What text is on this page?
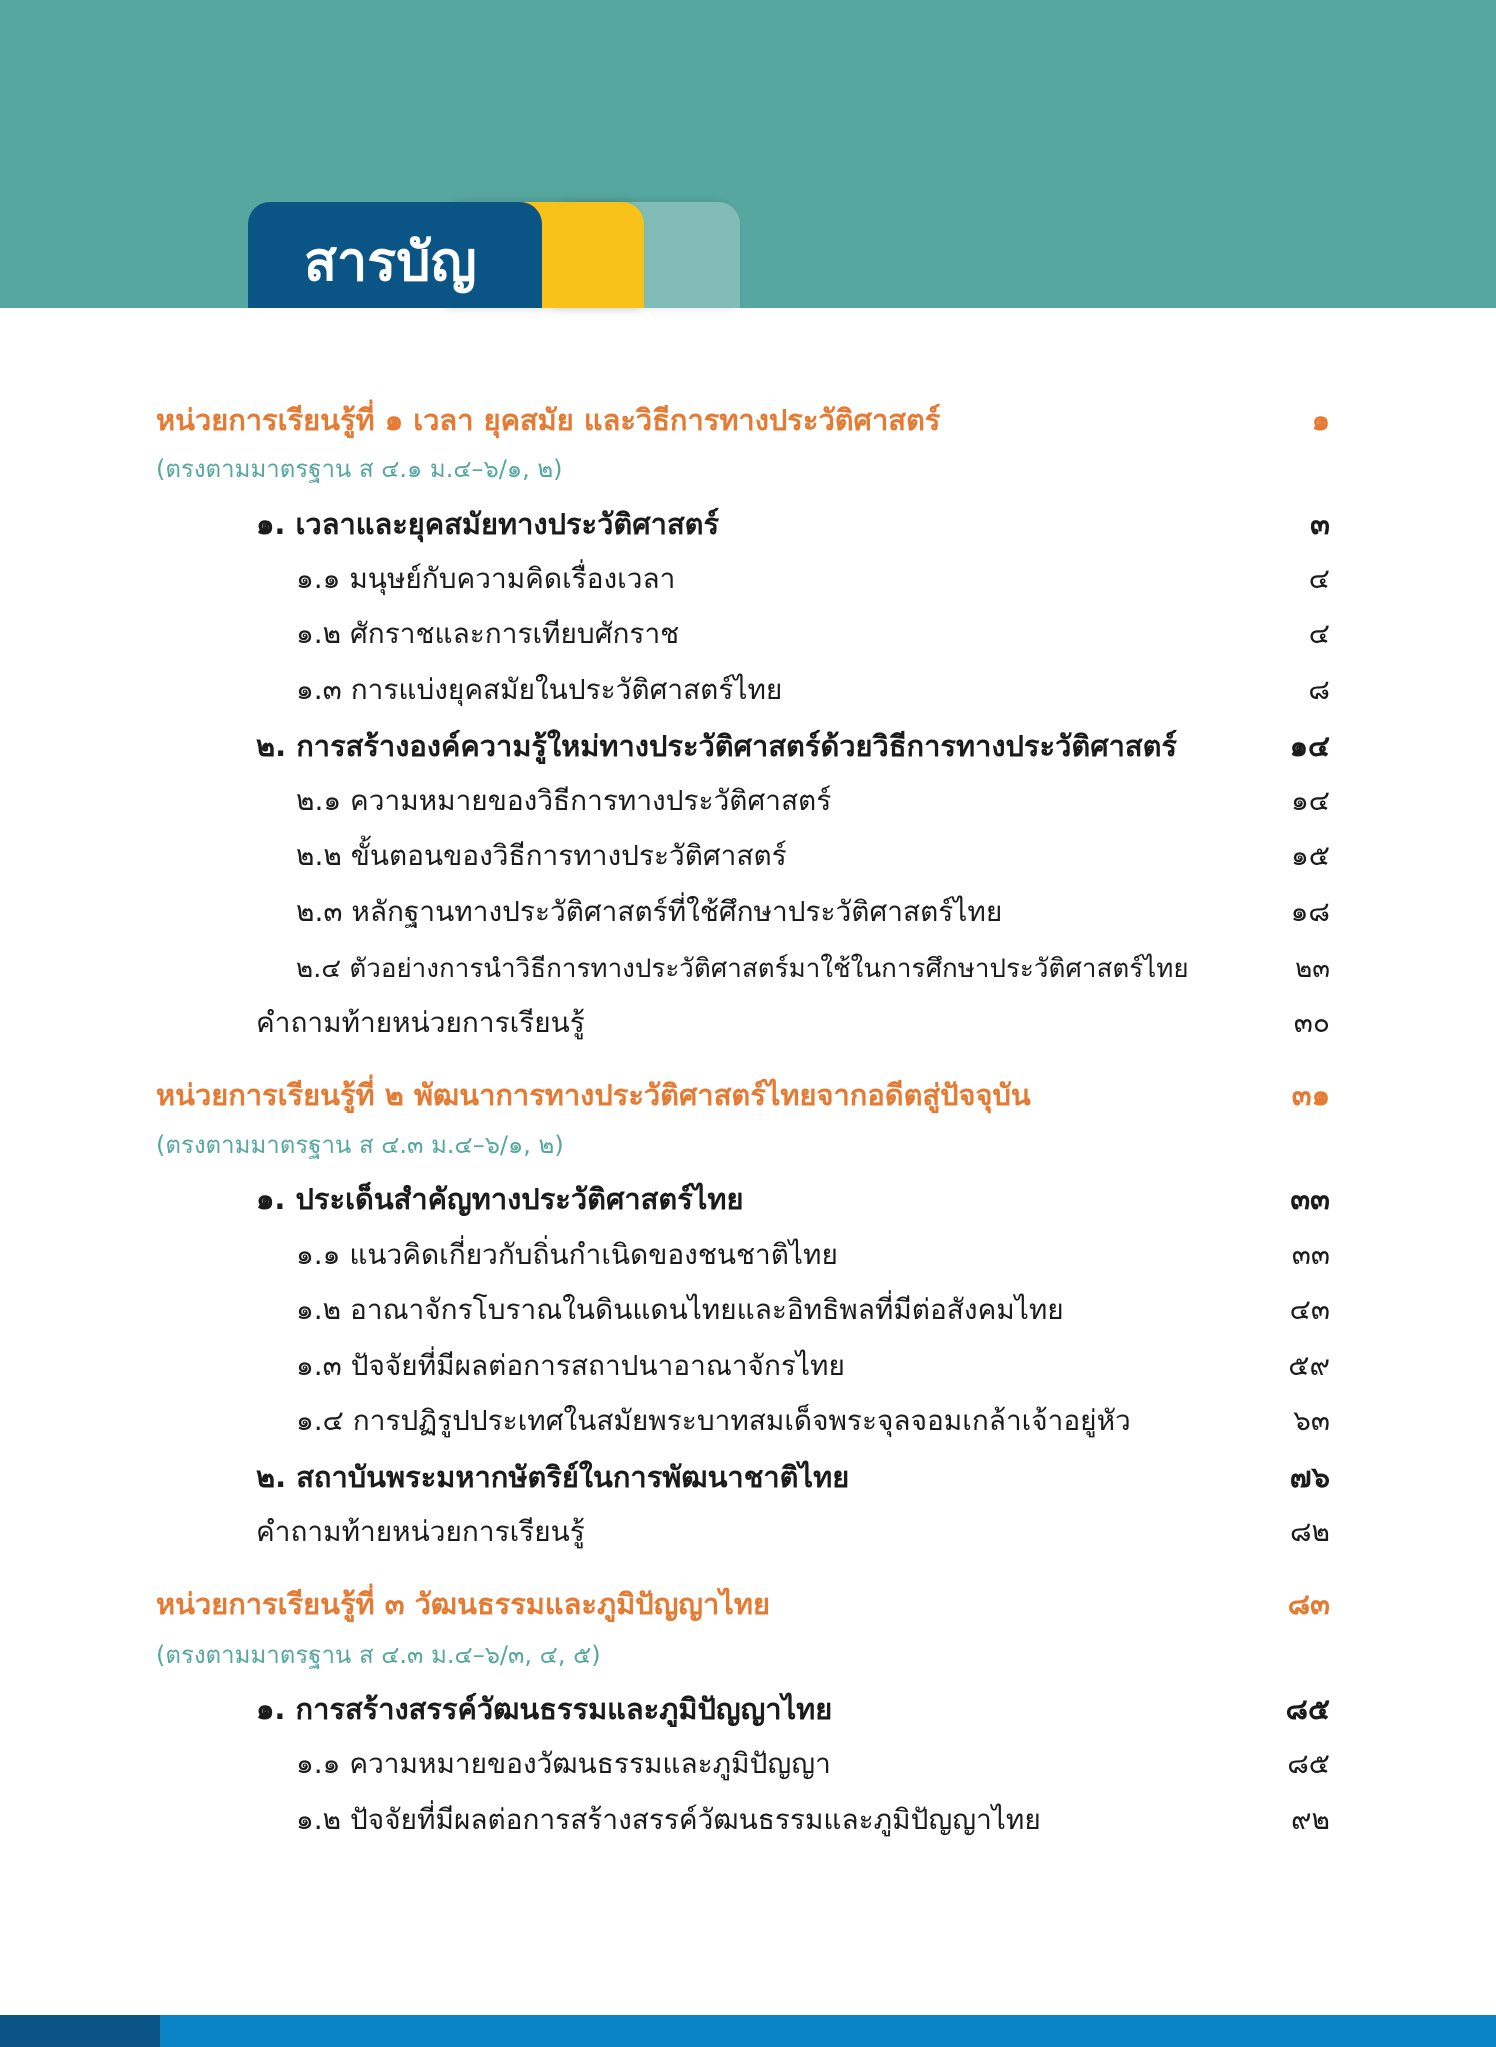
สารบัญ
หน่วยการเรียนรู้ที่ ๑ เวลา ยุคสมัย และวิธีการทางประวัติศาสตร์	๑
(ตรงตามมาตรฐาน ส ๔.๑ ม.๔–๖/๑, ๒)
๑. เวลาและยุคสมัยทางประวัติศาสตร์	๓
๑.๑ มนุษย์กับความคิดเรื่องเวลา	๔
๑.๒ ศักราชและการเทียบศักราช	๔
๑.๓ การแบ่งยุคสมัยในประวัติศาสตร์ไทย	๘
๒. การสร้างองค์ความรู้ใหม่ทางประวัติศาสตร์ด้วยวิธีการทางประวัติศาสตร์	๑๔
๒.๑ ความหมายของวิธีการทางประวัติศาสตร์	๑๔
๒.๒ ขั้นตอนของวิธีการทางประวัติศาสตร์	๑๕
๒.๓ หลักฐานทางประวัติศาสตร์ที่ใช้ศึกษาประวัติศาสตร์ไทย	๑๘
๒.๔ ตัวอย่างการนำวิธีการทางประวัติศาสตร์มาใช้ในการศึกษาประวัติศาสตร์ไทย	๒๓
คำถามท้ายหน่วยการเรียนรู้	๓๐
หน่วยการเรียนรู้ที่ ๒ พัฒนาการทางประวัติศาสตร์ไทยจากอดีตสู่ปัจจุบัน	๓๑
(ตรงตามมาตรฐาน ส ๔.๓ ม.๔–๖/๑, ๒)
๑. ประเด็นสำคัญทางประวัติศาสตร์ไทย	๓๓
๑.๑ แนวคิดเกี่ยวกับถิ่นกำเนิดของชนชาติไทย	๓๓
๑.๒ อาณาจักรโบราณในดินแดนไทยและอิทธิพลที่มีต่อสังคมไทย	๔๓
๑.๓ ปัจจัยที่มีผลต่อการสถาปนาอาณาจักรไทย	๕๙
๑.๔ การปฏิรูปประเทศในสมัยพระบาทสมเด็จพระจุลจอมเกล้าเจ้าอยู่หัว	๖๓
๒. สถาบันพระมหากษัตริย์ในการพัฒนาชาติไทย	๗๖
คำถามท้ายหน่วยการเรียนรู้	๘๒
หน่วยการเรียนรู้ที่ ๓ วัฒนธรรมและภูมิปัญญาไทย	๘๓
(ตรงตามมาตรฐาน ส ๔.๓ ม.๔–๖/๓, ๔, ๕)
๑. การสร้างสรรค์วัฒนธรรมและภูมิปัญญาไทย	๘๕
๑.๑ ความหมายของวัฒนธรรมและภูมิปัญญา	๘๕
๑.๒ ปัจจัยที่มีผลต่อการสร้างสรรค์วัฒนธรรมและภูมิปัญญาไทย	๙๒
